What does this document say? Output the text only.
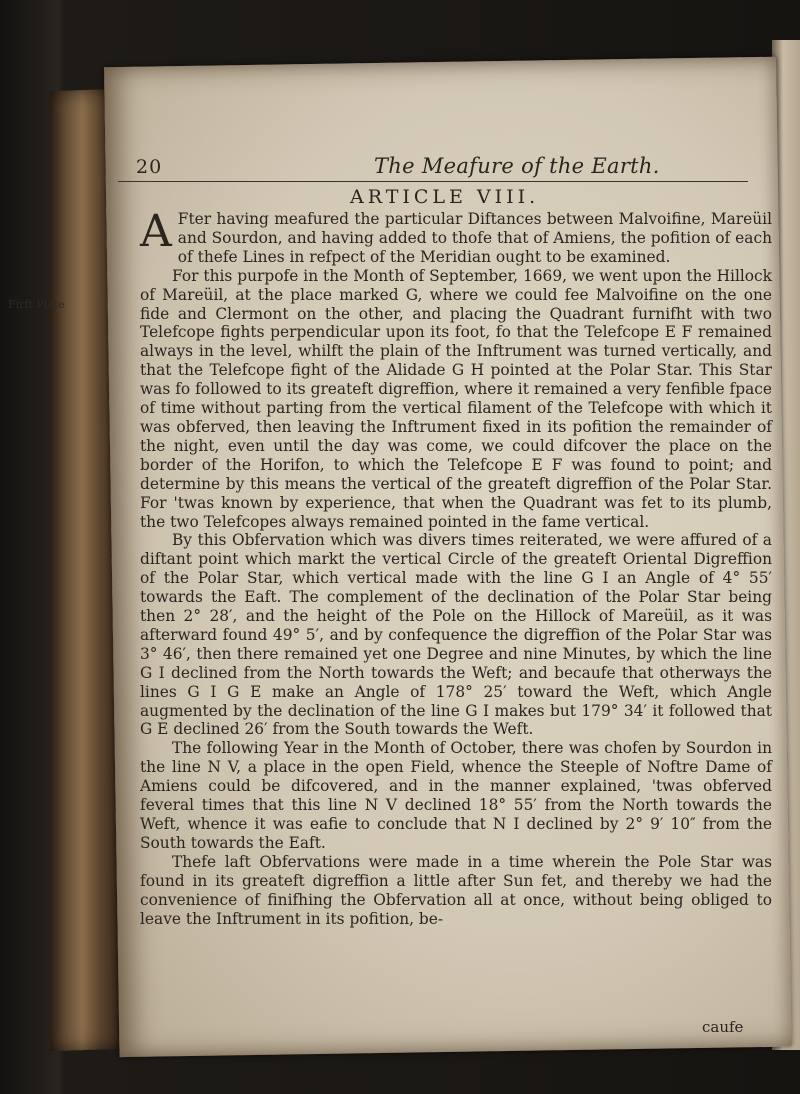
20	The Meafure of the Earth.
ARTICLE VIII.
Firft Plate

A Fter having meafured the particular Diftances between Malvoifine, Mareüil and Sourdon, and having added to thofe that of Amiens, the pofition of each of thefe Lines in refpect of the Meridian ought to be examined.

For this purpofe in the Month of September, 1669, we went upon the Hillock of Mareüil, at the place marked G, where we could fee Malvoifine on the one fide and Clermont on the other, and placing the Quadrant furnifht with two Telefcope fights perpendicular upon its foot, fo that the Telefcope E F remained always in the level, whilft the plain of the Inftrument was turned vertically, and that the Telefcope fight of the Alidade G H pointed at the Polar Star. This Star was fo followed to its greateft digreffion, where it remained a very fenfible fpace of time without parting from the vertical filament of the Telefcope with which it was obferved, then leaving the Inftrument fixed in its pofition the remainder of the night, even until the day was come, we could difcover the place on the border of the Horifon, to which the Telefcope E F was found to point; and determine by this means the vertical of the greateft digreffion of the Polar Star. For 'twas known by experience, that when the Quadrant was fet to its plumb, the two Telefcopes always remained pointed in the fame vertical.

By this Obfervation which was divers times reiterated, we were affured of a diftant point which markt the vertical Circle of the greateft Oriental Digreffion of the Polar Star, which vertical made with the line G I an Angle of 4° 55′ towards the Eaft. The complement of the declination of the Polar Star being then 2° 28′, and the height of the Pole on the Hillock of Mareüil, as it was afterward found 49° 5′, and by confequence the digreffion of the Polar Star was 3° 46′, then there remained yet one Degree and nine Minutes, by which the line G I declined from the North towards the Weft; and becaufe that otherways the lines G I G E make an Angle of 178° 25′ toward the Weft, which Angle augmented by the declination of the line G I makes but 179° 34′ it followed that G E declined 26′ from the South towards the Weft.

The following Year in the Month of October, there was chofen by Sourdon in the line N V, a place in the open Field, whence the Steeple of Noftre Dame of Amiens could be difcovered, and in the manner explained, 'twas obferved feveral times that this line N V declined 18° 55′ from the North towards the Weft, whence it was eafie to conclude that N I declined by 2° 9′ 10″ from the South towards the Eaft.

Thefe laft Obfervations were made in a time wherein the Pole Star was found in its greateft digreffion a little after Sun fet, and thereby we had the convenience of finifhing the Obfervation all at once, without being obliged to leave the Inftrument in its pofition, be-

caufe
